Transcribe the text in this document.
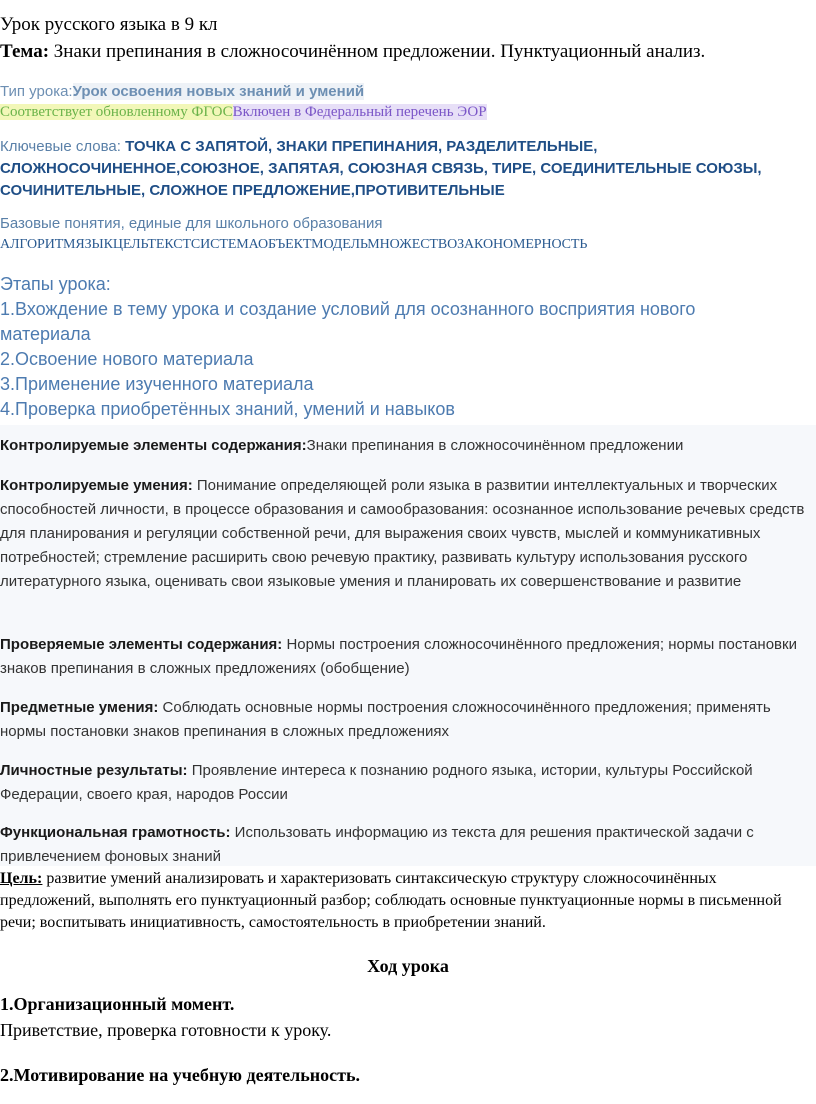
Урок русского языка в 9 кл

Тема: Знаки препинания в сложносочинённом предложении. Пунктуационный анализ.

Тип урока:Урок освоения новых знаний и умений

Соответствует обновленному ФГОСВключен в Федеральный перечень ЭОР

Ключевые слова: ТОЧКА С ЗАПЯТОЙ, ЗНАКИ ПРЕПИНАНИЯ, РАЗДЕЛИТЕЛЬНЫЕ, СЛОЖНОСОЧИНЕННОЕ,СОЮЗНОЕ, ЗАПЯТАЯ, СОЮЗНАЯ СВЯЗЬ, ТИРЕ, СОЕДИНИТЕЛЬНЫЕ СОЮЗЫ, СОЧИНИТЕЛЬНЫЕ, СЛОЖНОЕ ПРЕДЛОЖЕНИЕ,ПРОТИВИТЕЛЬНЫЕ

Базовые понятия, единые для школьного образования

АЛГОРИТМЯЗЫКЦЕЛЬТЕКСТСИСТЕМАОБЪЕКТМОДЕЛЬМНОЖЕСТВОЗАКОНОМЕРНОСТЬ

Этапы урока:
1.Вхождение в тему урока и создание условий для осознанного восприятия нового материала
2.Освоение нового материала
3.Применение изученного материала
4.Проверка приобретённых знаний, умений и навыков

Контролируемые элементы содержания:Знаки препинания в сложносочинённом предложении

Контролируемые умения: Понимание определяющей роли языка в развитии интеллектуальных и творческих способностей личности, в процессе образования и самообразования: осознанное использование речевых средств для планирования и регуляции собственной речи, для выражения своих чувств, мыслей и коммуникативных потребностей; стремление расширить свою речевую практику, развивать культуру использования русского литературного языка, оценивать свои языковые умения и планировать их совершенствование и развитие

Проверяемые элементы содержания: Нормы построения сложносочинённого предложения; нормы постановки знаков препинания в сложных предложениях (обобщение)

Предметные умения: Соблюдать основные нормы построения сложносочинённого предложения; применять нормы постановки знаков препинания в сложных предложениях

Личностные результаты: Проявление интереса к познанию родного языка, истории, культуры Российской Федерации, своего края, народов России

Функциональная грамотность: Использовать информацию из текста для решения практической задачи с привлечением фоновых знаний

Цель: развитие умений анализировать и характеризовать синтаксическую структуру сложносочинённых предложений, выполнять его пунктуационный разбор; соблюдать основные пунктуационные нормы в письменной речи; воспитывать инициативность, самостоятельность в приобретении знаний.

Ход урока

1.Организационный момент.

Приветствие, проверка готовности к уроку.

2.Мотивирование на учебную деятельность.
